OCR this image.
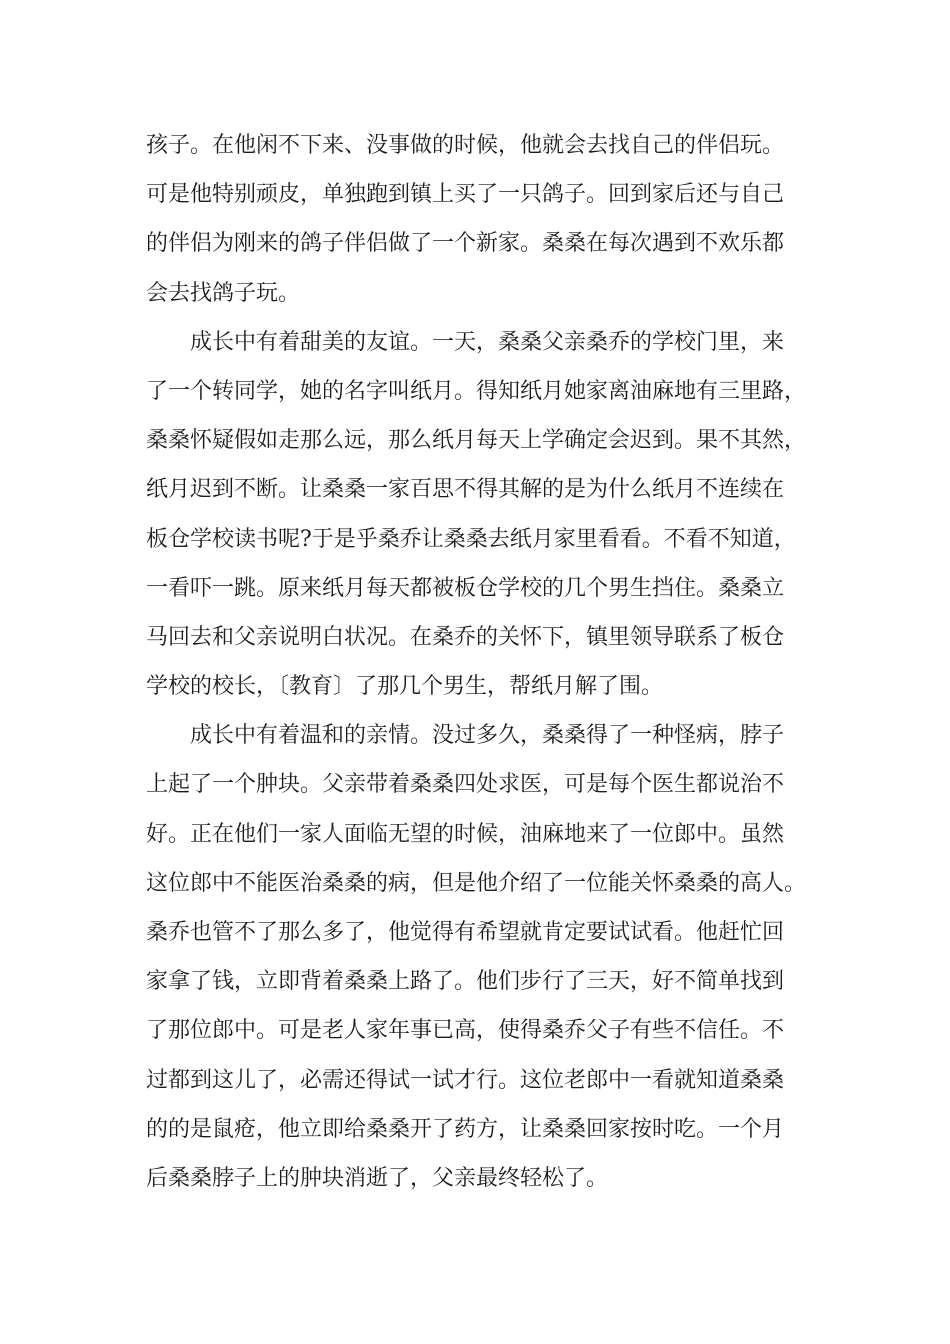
孩子。在他闲不下来、没事做的时候，他就会去找自己的伴侣玩。
可是他特别顽皮，单独跑到镇上买了一只鸽子。回到家后还与自己
的伴侣为刚来的鸽子伴侣做了一个新家。桑桑在每次遇到不欢乐都
会去找鸽子玩。
成长中有着甜美的友谊。一天，桑桑父亲桑乔的学校门里，来
了一个转同学，她的名字叫纸月。得知纸月她家离油麻地有三里路，
桑桑怀疑假如走那么远，那么纸月每天上学确定会迟到。果不其然，
纸月迟到不断。让桑桑一家百思不得其解的是为什么纸月不连续在
板仓学校读书呢?于是乎桑乔让桑桑去纸月家里看看。不看不知道，
一看吓一跳。原来纸月每天都被板仓学校的几个男生挡住。桑桑立
马回去和父亲说明白状况。在桑乔的关怀下，镇里领导联系了板仓
学校的校长，〔教育〕了那几个男生，帮纸月解了围。
成长中有着温和的亲情。没过多久，桑桑得了一种怪病，脖子
上起了一个肿块。父亲带着桑桑四处求医，可是每个医生都说治不
好。正在他们一家人面临无望的时候，油麻地来了一位郎中。虽然
这位郎中不能医治桑桑的病，但是他介绍了一位能关怀桑桑的高人。
桑乔也管不了那么多了，他觉得有希望就肯定要试试看。他赶忙回
家拿了钱，立即背着桑桑上路了。他们步行了三天，好不简单找到
了那位郎中。可是老人家年事已高，使得桑乔父子有些不信任。不
过都到这儿了，必需还得试一试才行。这位老郎中一看就知道桑桑
的的是鼠疮，他立即给桑桑开了药方，让桑桑回家按时吃。一个月
后桑桑脖子上的肿块消逝了，父亲最终轻松了。
